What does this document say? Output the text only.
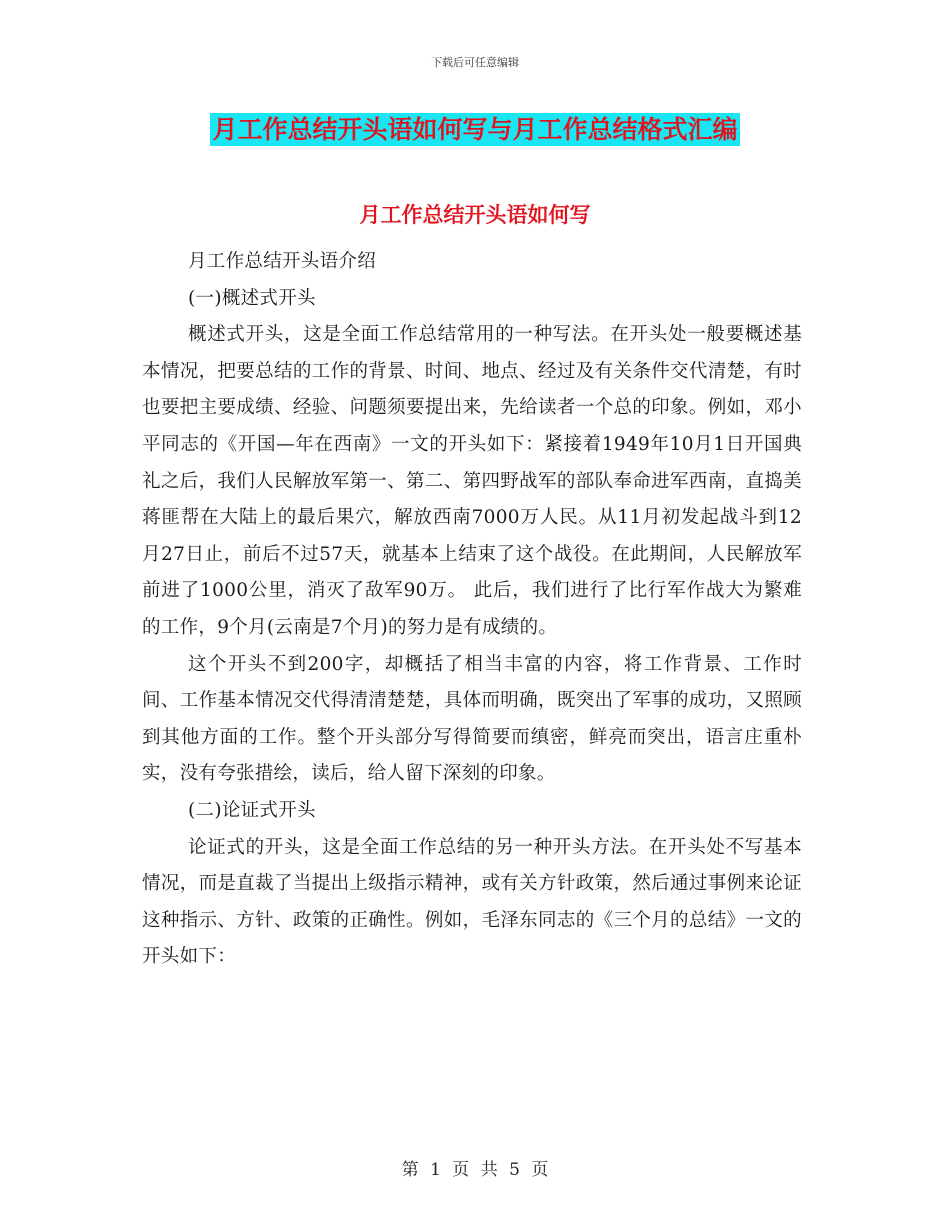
下载后可任意编辑
月工作总结开头语如何写与月工作总结格式汇编
月工作总结开头语如何写

月工作总结开头语介绍

(一)概述式开头

概述式开头，这是全面工作总结常用的一种写法。在开头处一般要概述基本情况，把要总结的工作的背景、时间、地点、经过及有关条件交代清楚，有时也要把主要成绩、经验、问题须要提出来，先给读者一个总的印象。例如，邓小平同志的《开国—年在西南》一文的开头如下：紧接着1949年10月1日开国典礼之后，我们人民解放军第一、第二、第四野战军的部队奉命进军西南，直捣美蒋匪帮在大陆上的最后果穴，解放西南7000万人民。从11月初发起战斗到12月27日止，前后不过57天，就基本上结束了这个战役。在此期间，人民解放军前进了1000公里，消灭了敌军90万。 此后，我们进行了比行军作战大为繁难的工作，9个月(云南是7个月)的努力是有成绩的。

这个开头不到200字，却概括了相当丰富的内容，将工作背景、工作时间、工作基本情况交代得清清楚楚，具体而明确，既突出了军事的成功，又照顾到其他方面的工作。整个开头部分写得简要而缜密，鲜亮而突出，语言庄重朴实，没有夸张措绘，读后，给人留下深刻的印象。

(二)论证式开头

论证式的开头，这是全面工作总结的另一种开头方法。在开头处不写基本情况，而是直裁了当提出上级指示精神，或有关方针政策，然后通过事例来论证这种指示、方针、政策的正确性。例如，毛泽东同志的《三个月的总结》一文的开头如下：

第 1 页 共 5 页
